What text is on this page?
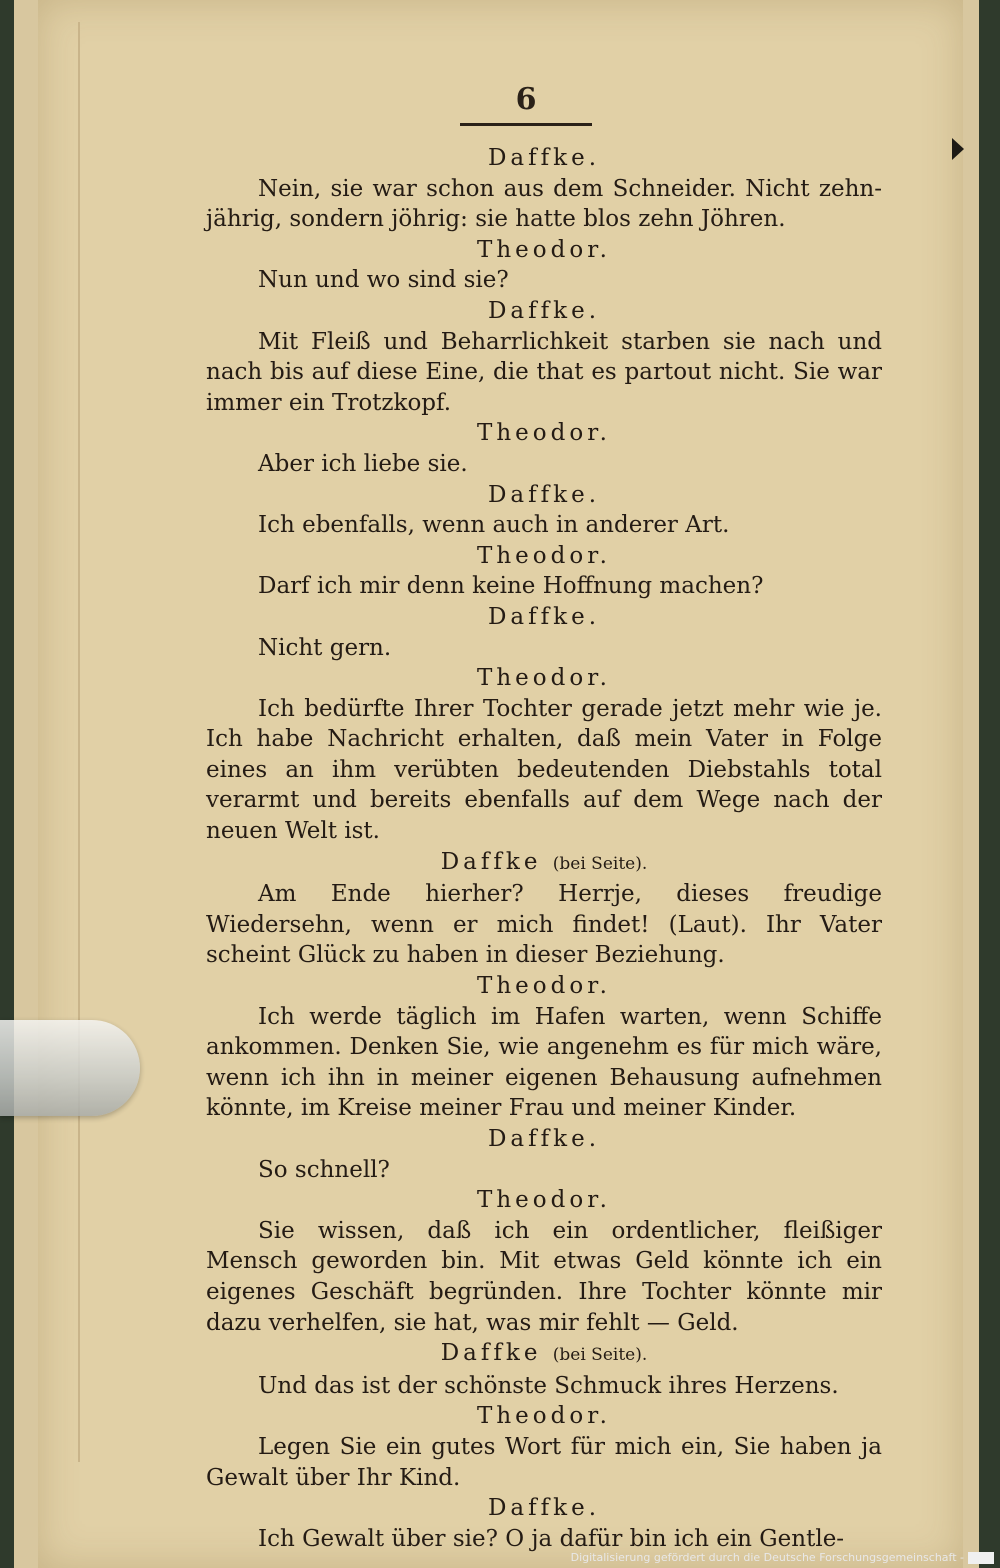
6
Daffke.
Nein, sie war schon aus dem Schneider. Nicht zehn-jährig, sondern jöhrig: sie hatte blos zehn Jöhren.
Theodor.
Nun und wo sind sie?
Daffke.
Mit Fleiß und Beharrlichkeit starben sie nach und nach bis auf diese Eine, die that es partout nicht. Sie war immer ein Trotzkopf.
Theodor.
Aber ich liebe sie.
Daffke.
Ich ebenfalls, wenn auch in anderer Art.
Theodor.
Darf ich mir denn keine Hoffnung machen?
Daffke.
Nicht gern.
Theodor.
Ich bedürfte Ihrer Tochter gerade jetzt mehr wie je. Ich habe Nachricht erhalten, daß mein Vater in Folge eines an ihm verübten bedeutenden Diebstahls total verarmt und bereits ebenfalls auf dem Wege nach der neuen Welt ist.
Daffke (bei Seite).
Am Ende hierher? Herrje, dieses freudige Wiedersehn, wenn er mich findet! (Laut). Ihr Vater scheint Glück zu haben in dieser Beziehung.
Theodor.
Ich werde täglich im Hafen warten, wenn Schiffe ankommen. Denken Sie, wie angenehm es für mich wäre, wenn ich ihn in meiner eigenen Behausung aufnehmen könnte, im Kreise meiner Frau und meiner Kinder.
Daffke.
So schnell?
Theodor.
Sie wissen, daß ich ein ordentlicher, fleißiger Mensch geworden bin. Mit etwas Geld könnte ich ein eigenes Geschäft begründen. Ihre Tochter könnte mir dazu verhelfen, sie hat, was mir fehlt — Geld.
Daffke (bei Seite).
Und das ist der schönste Schmuck ihres Herzens.
Theodor.
Legen Sie ein gutes Wort für mich ein, Sie haben ja Gewalt über Ihr Kind.
Daffke.
Ich Gewalt über sie? O ja dafür bin ich ein Gentle-
Digitalisierung gefördert durch die Deutsche Forschungsgemeinschaft -
